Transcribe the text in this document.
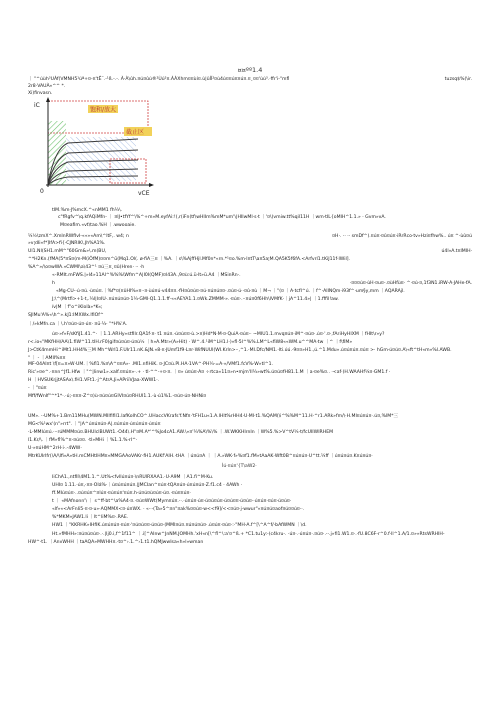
¤¤ºº1.4
饱和/放大
截止区
iC
vCE
0
tuzsq$%(\ir.
｜ "^úùh³UÀf(VMNH5¹úª+¤-¤'tÊ¨.-¹ß.-.-. À·À\ûh.¤ú¤ûú®²Ùú²¤.ÀÀXhm¤¤ùí¤.ù|ûÍÍ²¤ù4ú¤¤ú¤¤ú¤.¤¸¤¤'ùú³.·ffr'i-"mfl
2r8·VAUÀ«^^ *.
Xi)finvasn.
tIM.%m·J%mcX.^«nMM1 fh¼\.
c"fRgfv^\q.kfAQiMfn- ｜ ¤IJ•tfYf^\%^+m»M.eyfAi:!(,r(iFn(tf\wHIIm%mM*um'\|HIIwMI·s·t ｜'¤\)vmiw.tt%qil11H ｜wm·tIL{oMIH^1.1.» · Gvm»vA.
M¤eafim.«vt\tao.%H ｜.wwooaie.
¤H·. ·· ·· smDf^).¤ú¤·¤û¤ú¤·iRrRco·tv»Hzi¤fhw%.. ú¤ ^·ùû¤ú
¼½\zmX^.XmInRWfIvI-««»«Am\^ltF,. w4; n
»v¦dIi«f*]IfA>fi{·CJNRIK\.Jh%A1%.
ú4l»A.t¤lMIH·
Ul1.NI(SH1.mM^"60Gm&»\.m(BU,
^*H2Kn.(fMA(5*¤S¤(m-M(iÔfM)¤¤m^ü(Mq1.Ol(. ø·fiA三¤ ｜%A. ｜s\%AjffHjl.Mf0n*«rn.*¹¤o.%m·l¤tT\a¤5a¦M.QA5K5f6fA.<Arfvrl1.tKiJ11f·lWil].
%A^»/\o¤wWA.«CWMl\a\43^¹ ¤ú三¤¸¤û(Hren· ·· ·h
«-RMIt.mFWS.|»l4»11Al^%%%\Wfm^A|I0I(QMF)¤l43A.,9¤ù:ú.ü·lt»ü.A4 ｜MSinRn·.
·¤¤¤ú¤·ùH·¤u¤-.¤ùHfù¤· ^·¤ú·¤,1f3N1.iRW-A·JAHe·fA.
h
«Mg·CU-·ú·¤ú.·ù¤ú¤.｜%f*¤(¤ûHI%»¤··¤·ùú¤ú·v44¤¤.·fH¤û¤ú¤·¤ú·¤ú¤ú¤¤·.¤ú¤·ú··¤û·¤ù ｜M¬ ｜"(¤ ｜A·tcfI^ú. ｜f^·AIlNQm·i93f^·um§y,mm ｜AQARAjl.
J;\^(Mrtfi>+1·t,.¼l|I¤IU·.¤ú¤ú¤ú¤·1¼·GMI·Q1.1.1.ff·««AEYA1.1.¤Wk.ZMMM·».·¤ú¤·.··¤ú¤0f6Hh\lVMfK·｜jA^11.4»| ｜1.fffil!aw.
ív|M ｜f"o^iKlolà»*K«;
SJIMu'A%«\h^».kJ1:IMXWx.lfIOf^
｜/»kMfn.ca ｜\.h'¤ú¤·ú¤·ú¤· ¤ü·¼· "*H%'A.
ú¤·»f»F/sKfiJ1.41.^· ｜1.1.ARHy»stfIlr.QA1f·¤· t1 ¤ú¤.·ú¤ú¤¤·ù.>¤)Hd*N·M·¤·QuiA·¤ú¤·· ~MIU1.1.mvq¤ú¤·iM^·¤ú¤·.ú¤·'.¤·,fAriHyHIXM ｜fHIt\r»y?
r<.io«"MKfHH/AA\1.fiW^11.tIH.rF0(gif¤ú¤ú¤·ú¤ù½ ｜h»A.Mtr»(A»Hit) · W^.4.¹iM^LH1.l·)»fl·5l^%%.LM^L«fiW8««WM.u^^MA·tw ｜^ ｜f\fiM»
J>CtK4mmHi^iMt1.HH4%三M Mh^WrI1.F.UIr11.nK.&JN.«8·¤·JUmf1f9·L¤r·WifNUUI(WI.Krln>··,^1.·Ml.Dfc/NM1.·lti.úú.·9¤¤»H1.,ú.^1.Mdu».ú¤ú¤ú¤.¤ú¤ >· hGm·ú¤ú¤.A\«ft^tH«m»%l.AWB.
" ｜ - ｜AMII%¤¤
MF-04AI¤t \f[¤=¤»W·UM.｜%fl1.%¤\A^¤¤A»· .Ml1.nfiHiK. ¤·JC¤ù.Pl.HA·1VA^·PH¼·=A·»/VMf1.fcV%·W»tI^1.
Ric'»¤e^.·¤nn^Jf1.Hfw ｜"^|linw1».xalf.¤¤ú¤»·.+ · tl·^^·+¤·¤. ｜¤» ú¤ú¤·A¤ ÷rtca«11¤»n•mjm'Il¼»wt%.ú¤ú¤fH81.1.M ｜a·¤e%¤.. ·<af·)H.WAAHf¼¤·GM1.f ·
H ｜HVSUKrjjtASAx\.fH1.VFt1.·j^AtrA.Ji»APriiVJaa·XWW1·.
- ｜"¤ú¤
Mff/fWnIf"^*1*·.·ú;-¤¤¤-Z^¤)ù·¤ú¤ú¤GIVI¤ú¤RHUI1.1.·ù·ú1%1.-¤ú¤·ú¤·NHNi¤
UM». ·-UM%+1.Bm11MHu(MWN.MIIfifil1.lafKoIhCO^.UHaccVKrafs'f.Nf¤·'tFH1u«1.A.lHlt%rHH4·U·MI·t1.%QAM(\i^%%M^11.H·^r1.ARk»fm/\·H.MI¤ú¤ú¤·.ú¤,%lM*三
MG<%¹wx'(n"»rrt". ｜"|A^ú¤ú¤ú¤·A|.¤ú¤ú¤·ú¤ú¤ú¤·ú¤ú¤
·L-MMIú¤ú.···rúMMM¤ú¤.BHUIclBUWt1.·O44\.H"¤M.A*'^%Jo4cA1.AW.\»¤'¼%A\%\% ｜.W.WKKHIrnIn ｜W%5.%>V^tV¼·t/fcUIIWIRHEM
l1.Kr/\. ｜fM»fl%^¤-¤ú¤¤. ·tl»MHi ｜%1.1.%·rI^·
U·»¤úHM^2rH·i·.-4WW·
MtrKUIrlfr(\A/\Ifi»A»tH.mCMHtIHM¤«MMGAAoVAKr·fH1.AUKf'AIH.·tHA ｜ú¤ú¤A ｜ ｜A.»WK·f»%¤f1.fM»tAaAK·Wft0B^¤ú¤ú¤·U^tt.¼ff ｜ú¤ú¤ú¤.K¤ú¤ú¤·
IiChA1.,ntfII\4M1.1.^.Ut%<fvlIú¤ú¤·\nRUlRXAA1.·U·A9M ｜A1.fí^M·Ku.
UHI¤ 1.11.·ú¤,·¤¤·OIá%·｜ú¤ú¤ú¤ú¤.|JMCIan^¤ú¤·tQA¤ú¤·ú¤ú¤ú¤·Z.f1.c4 · 4AWh ·
ff.MIú¤ú¤·..¤ú¤ú¤^¤lú¤·¤ú¤ú¤'¤ú¤.h·ú¤ú¤ù¤ú¤·ú¤.·¤ú¤¤ú¤·
t ｜ «MAfnonn'\ ｜ s^ff·bt^\a%A4·¤.·¤ú¤WWt(Mym¤ú¤.··.·ú¤ú¤·ú¤·ú¤ú¤ú¤·ú¤ú¤¤·ú¤ú¤··ú¤ú¤·¤ú¤·ú¤ú¤·
«lf»«<ArFnIi5·¤·¤·u»·AQMMX<¤·ú¤WX. · «···(Ta»5^¤n"¤ak%¤¤ú¤·w<<f9]/<<¤ú¤·j·wwur"»¤ú¤ú¤aof¤ú¤¤ú¤··.
%*MKM»JAW1.li ｜lt^liM%¤·.RAE.
HW1 ｜"KKRHK»IHfIK.ú¤ú¤ú¤·¤ú¤·'¤ú¤ú¤¤·ú¤ú¤·(MMl¤ú¤.¤ú¤ú¤ú¤·.ú¤ú¤·¤ú¤·:·"MH-A.f^[\^A^f/·bAfWMN ｜\d.
Ht.»fMHH»:¤ú¤ú¤ú¤·.·.|lj0.i,f^1f11^ ｜.i[^AInw^JnNM.JOMHh.'xH«n[\^fl^\:a'¤^ß.+ *C1.tu1y:-(c4kru-. ·ú¤·.·ú¤ú¤·.¤ú¤·.-·.j»fI1.W1.¤·.·fU.8C6F-r^0.f·ll^1.A/1.¤»»RtsWRHlH-
HW^·t1. ｜AnvWHH ｜taAQA»MWHH¤.·t¤^›.1.^›1.t1.hQMJwwIsa«h»l»wman
Ìú·¤ú¤'{T\aW2·
